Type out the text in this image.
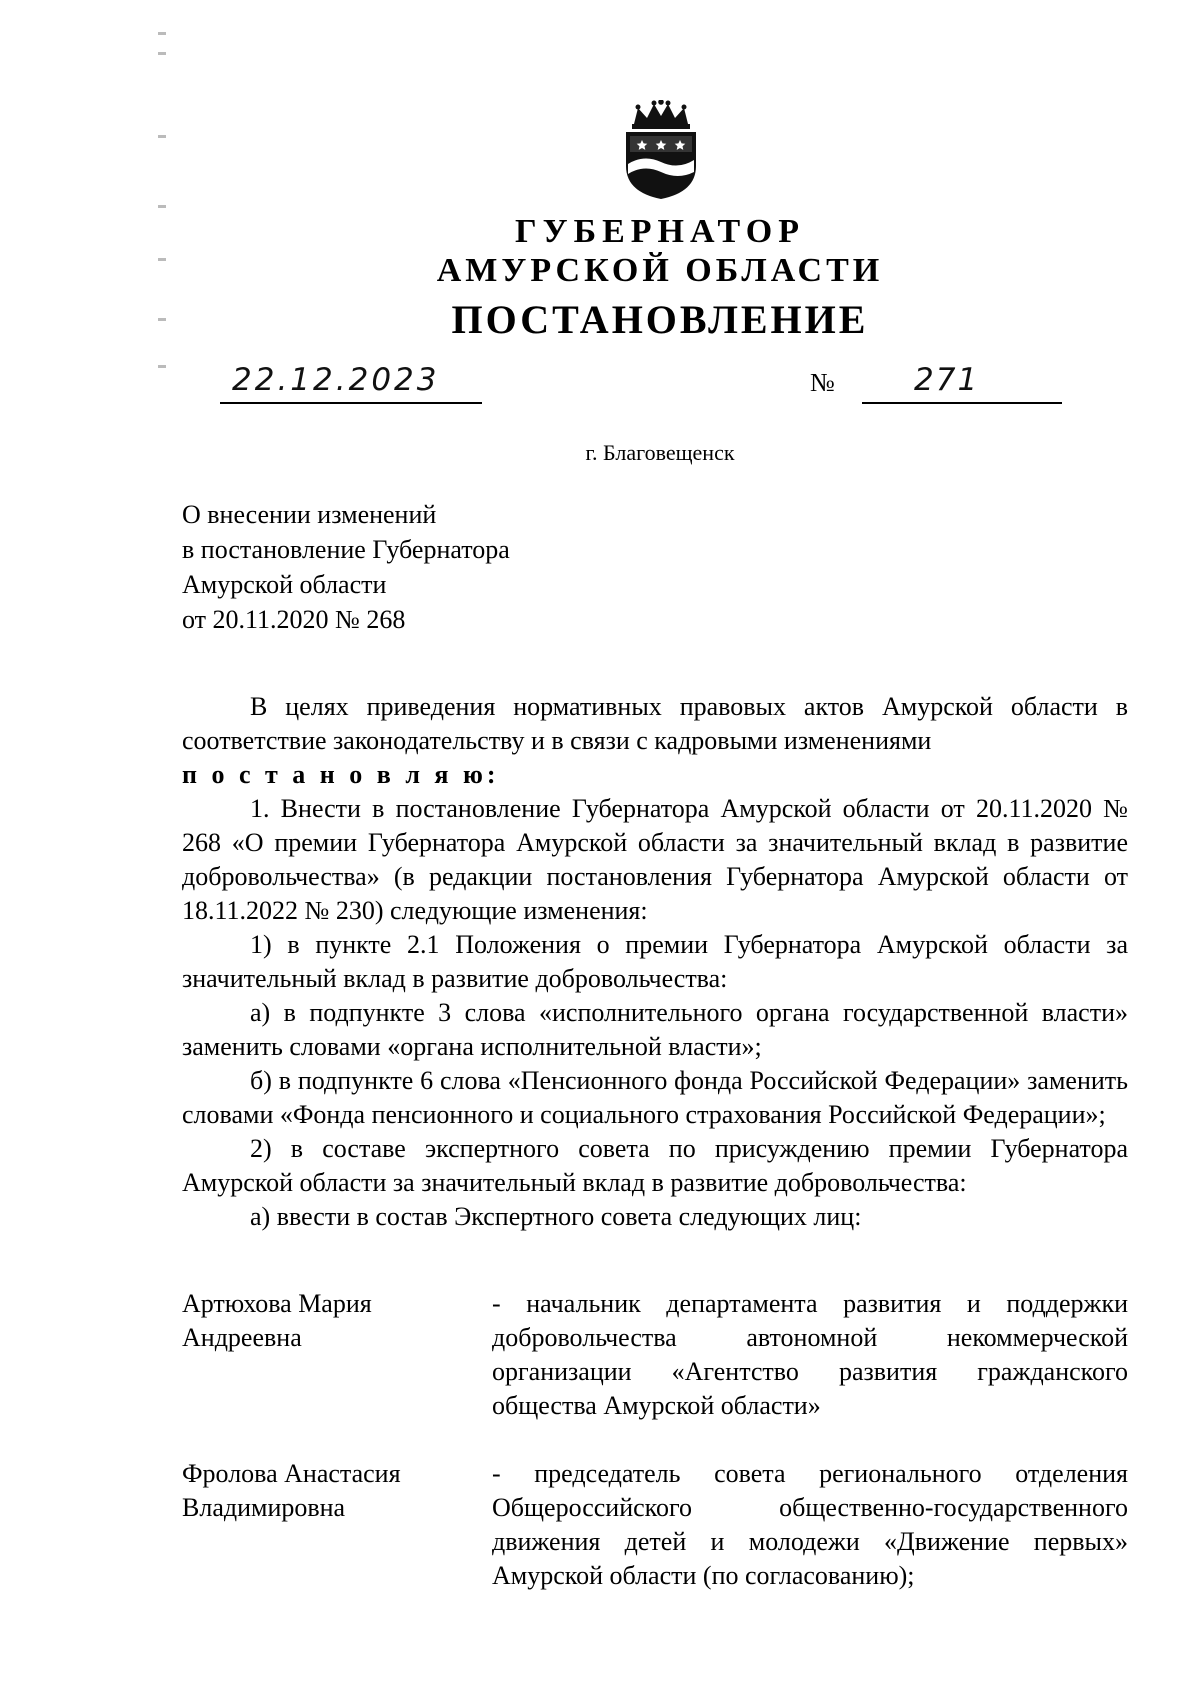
ГУБЕРНАТОР
АМУРСКОЙ ОБЛАСТИ
ПОСТАНОВЛЕНИЕ
22.12.2023	№	271
г. Благовещенск
О внесении изменений
в постановление Губернатора
Амурской области
от 20.11.2020 № 268

В целях приведения нормативных правовых актов Амурской области в соответствие законодательству и в связи с кадровыми изменениями

п о с т а н о в л я ю:

1. Внести в постановление Губернатора Амурской области от 20.11.2020 № 268 «О премии Губернатора Амурской области за значительный вклад в развитие добровольчества» (в редакции постановления Губернатора Амурской области от 18.11.2022 № 230) следующие изменения:

1) в пункте 2.1 Положения о премии Губернатора Амурской области за значительный вклад в развитие добровольчества:

а) в подпункте 3 слова «исполнительного органа государственной власти» заменить словами «органа исполнительной власти»;

б) в подпункте 6 слова «Пенсионного фонда Российской Федерации» заменить словами «Фонда пенсионного и социального страхования Российской Федерации»;

2) в составе экспертного совета по присуждению премии Губернатора Амурской области за значительный вклад в развитие добровольчества:

а) ввести в состав Экспертного совета следующих лиц:

Артюхова Мария
Андреевна
- начальник департамента развития и поддержки добровольчества автономной некоммерческой организации «Агентство развития гражданского общества Амурской области»
Фролова Анастасия
Владимировна
- председатель совета регионального отделения Общероссийского общественно-государственного движения детей и молодежи «Движение первых» Амурской области (по согласованию);
